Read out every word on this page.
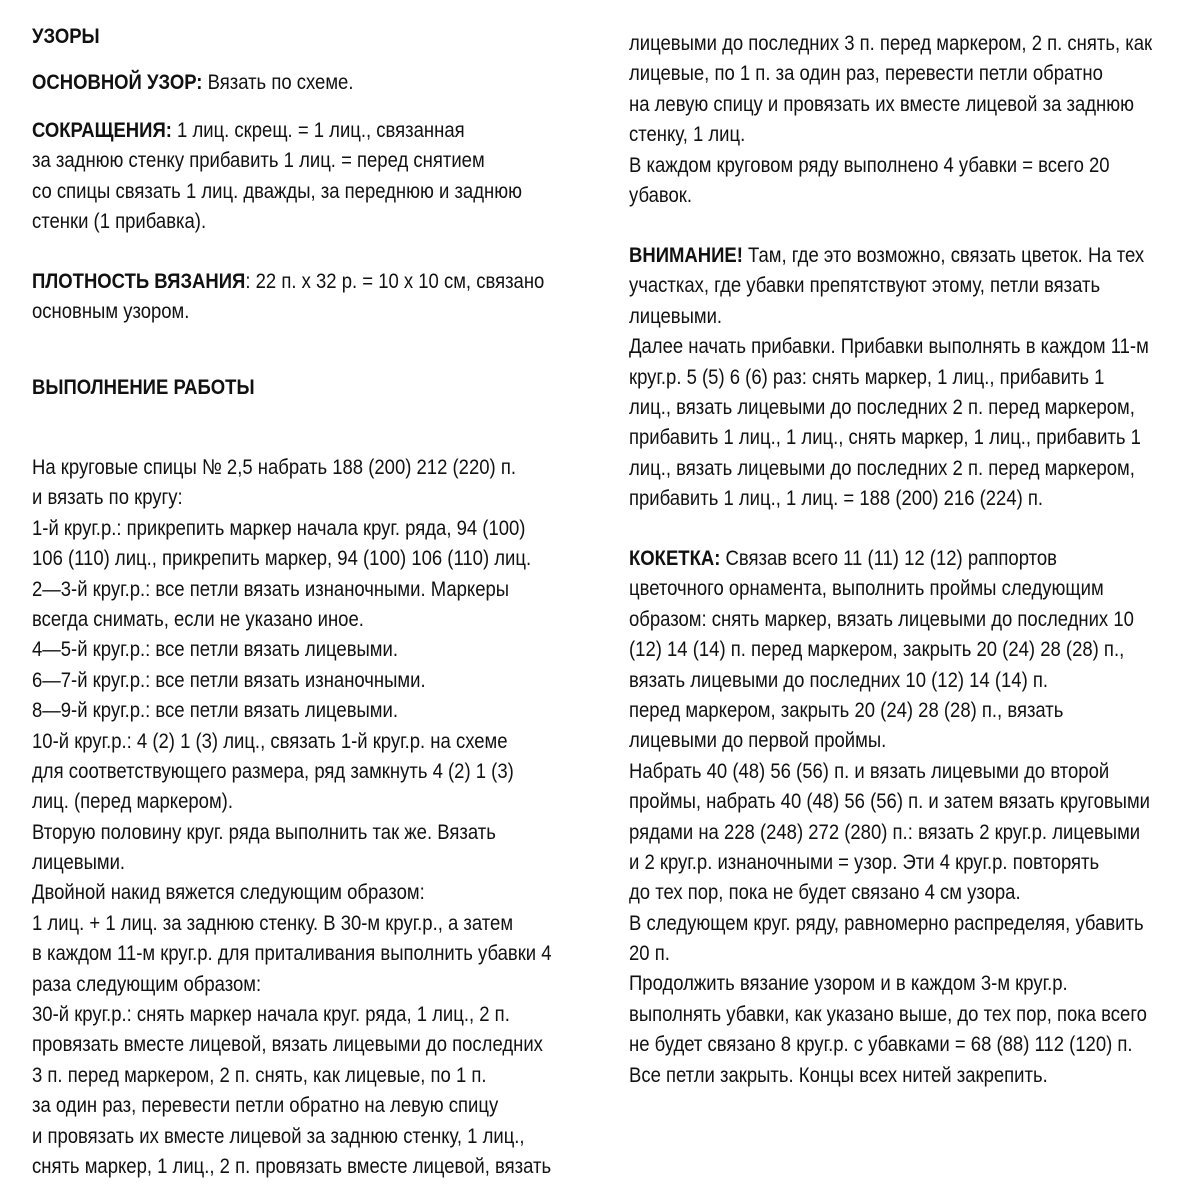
УЗОРЫ
ОСНОВНОЙ УЗОР: Вязать по схеме.
СОКРАЩЕНИЯ: 1 лиц. скрещ. = 1 лиц., связанная
за заднюю стенку прибавить 1 лиц. = перед снятием
со спицы связать 1 лиц. дважды, за переднюю и заднюю
стенки (1 прибавка).
ПЛОТНОСТЬ ВЯЗАНИЯ: 22 п. х 32 р. = 10 х 10 см, связано
основным узором.
ВЫПОЛНЕНИЕ РАБОТЫ
На круговые спицы № 2,5 набрать 188 (200) 212 (220) п.
и вязать по кругу:
1-й круг.р.: прикрепить маркер начала круг. ряда, 94 (100)
106 (110) лиц., прикрепить маркер, 94 (100) 106 (110) лиц.
2—3-й круг.р.: все петли вязать изнаночными. Маркеры
всегда снимать, если не указано иное.
4—5-й круг.р.: все петли вязать лицевыми.
6—7-й круг.р.: все петли вязать изнаночными.
8—9-й круг.р.: все петли вязать лицевыми.
10-й круг.р.: 4 (2) 1 (3) лиц., связать 1-й круг.р. на схеме
для соответствующего размера, ряд замкнуть 4 (2) 1 (3)
лиц. (перед маркером).
Вторую половину круг. ряда выполнить так же. Вязать
лицевыми.
Двойной накид вяжется следующим образом:
1 лиц. + 1 лиц. за заднюю стенку. В 30-м круг.р., а затем
в каждом 11-м круг.р. для приталивания выполнить убавки 4
раза следующим образом:
30-й круг.р.: снять маркер начала круг. ряда, 1 лиц., 2 п.
провязать вместе лицевой, вязать лицевыми до последних
3 п. перед маркером, 2 п. снять, как лицевые, по 1 п.
за один раз, перевести петли обратно на левую спицу
и провязать их вместе лицевой за заднюю стенку, 1 лиц.,
снять маркер, 1 лиц., 2 п. провязать вместе лицевой, вязать
лицевыми до последних 3 п. перед маркером, 2 п. снять, как
лицевые, по 1 п. за один раз, перевести петли обратно
на левую спицу и провязать их вместе лицевой за заднюю
стенку, 1 лиц.
В каждом круговом ряду выполнено 4 убавки = всего 20
убавок.
ВНИМАНИЕ! Там, где это возможно, связать цветок. На тех
участках, где убавки препятствуют этому, петли вязать
лицевыми.
Далее начать прибавки. Прибавки выполнять в каждом 11-м
круг.р. 5 (5) 6 (6) раз: снять маркер, 1 лиц., прибавить 1
лиц., вязать лицевыми до последних 2 п. перед маркером,
прибавить 1 лиц., 1 лиц., снять маркер, 1 лиц., прибавить 1
лиц., вязать лицевыми до последних 2 п. перед маркером,
прибавить 1 лиц., 1 лиц. = 188 (200) 216 (224) п.
КОКЕТКА: Связав всего 11 (11) 12 (12) раппортов
цветочного орнамента, выполнить проймы следующим
образом: снять маркер, вязать лицевыми до последних 10
(12) 14 (14) п. перед маркером, закрыть 20 (24) 28 (28) п.,
вязать лицевыми до последних 10 (12) 14 (14) п.
перед маркером, закрыть 20 (24) 28 (28) п., вязать
лицевыми до первой проймы.
Набрать 40 (48) 56 (56) п. и вязать лицевыми до второй
проймы, набрать 40 (48) 56 (56) п. и затем вязать круговыми
рядами на 228 (248) 272 (280) п.: вязать 2 круг.р. лицевыми
и 2 круг.р. изнаночными = узор. Эти 4 круг.р. повторять
до тех пор, пока не будет связано 4 см узора.
В следующем круг. ряду, равномерно распределяя, убавить
20 п.
Продолжить вязание узором и в каждом 3-м круг.р.
выполнять убавки, как указано выше, до тех пор, пока всего
не будет связано 8 круг.р. с убавками = 68 (88) 112 (120) п.
Все петли закрыть. Концы всех нитей закрепить.
